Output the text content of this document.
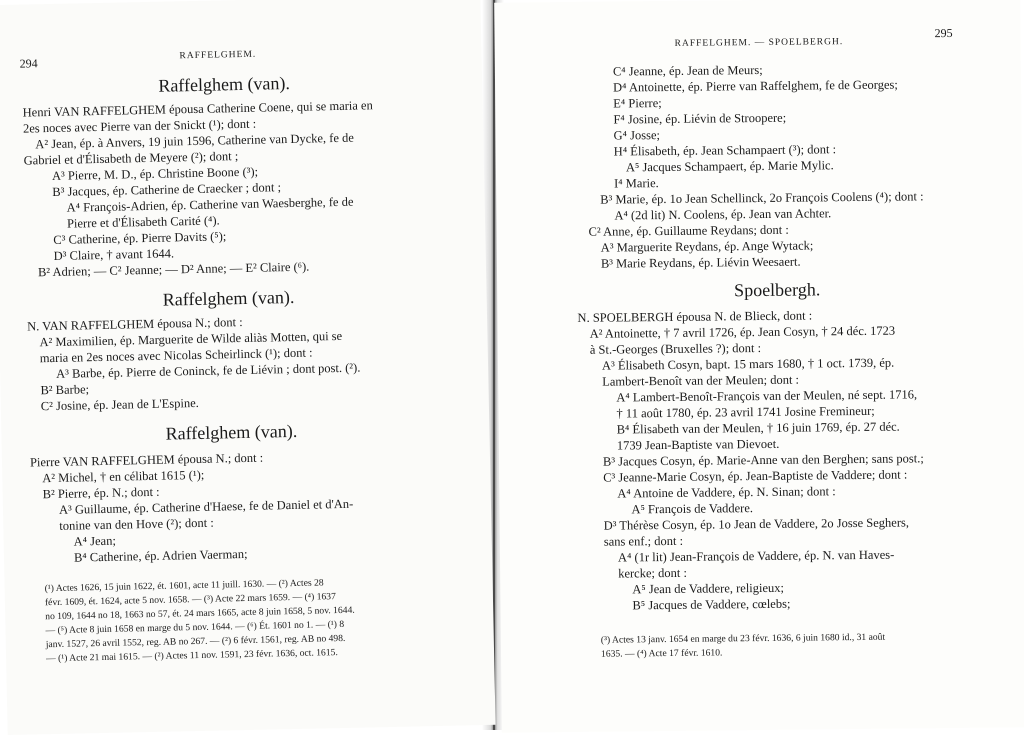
294
RAFFELGHEM.
Raffelghem (van).
Henri VAN RAFFELGHEM épousa Catherine Coene, qui se maria en
2es noces avec Pierre van der Snickt (¹); dont :
A² Jean, ép. à Anvers, 19 juin 1596, Catherine van Dycke, fe de
Gabriel et d'Élisabeth de Meyere (²); dont ;
A³ Pierre, M. D., ép. Christine Boone (³);
B³ Jacques, ép. Catherine de Craecker ; dont ;
A⁴ François-Adrien, ép. Catherine van Waesberghe, fe de
Pierre et d'Élisabeth Carité (⁴).
C³ Catherine, ép. Pierre Davits (⁵);
D³ Claire, † avant 1644.
B² Adrien; — C² Jeanne; — D² Anne; — E² Claire (⁶).
Raffelghem (van).
N. VAN RAFFELGHEM épousa N.; dont :
A² Maximilien, ép. Marguerite de Wilde aliàs Motten, qui se
maria en 2es noces avec Nicolas Scheirlinck (¹); dont :
A³ Barbe, ép. Pierre de Coninck, fe de Liévin ; dont post. (²).
B² Barbe;
C² Josine, ép. Jean de L'Espine.
Raffelghem (van).
Pierre VAN RAFFELGHEM épousa N.; dont :
A² Michel, † en célibat 1615 (¹);
B² Pierre, ép. N.; dont :
A³ Guillaume, ép. Catherine d'Haese, fe de Daniel et d'An-
tonine van den Hove (²); dont :
A⁴ Jean;
B⁴ Catherine, ép. Adrien Vaerman;
(¹) Actes 1626, 15 juin 1622, ét. 1601, acte 11 juill. 1630. — (²) Actes 28
févr. 1609, ét. 1624, acte 5 nov. 1658. — (³) Acte 22 mars 1659. — (⁴) 1637
no 109, 1644 no 18, 1663 no 57, ét. 24 mars 1665, acte 8 juin 1658, 5 nov. 1644.
— (⁵) Acte 8 juin 1658 en marge du 5 nov. 1644. — (⁶) Ét. 1601 no 1. — (¹) 8
janv. 1527, 26 avril 1552, reg. AB no 267. — (²) 6 févr. 1561, reg. AB no 498.
— (¹) Acte 21 mai 1615. — (²) Actes 11 nov. 1591, 23 févr. 1636, oct. 1615.
RAFFELGHEM. — SPOELBERGH.
295
C⁴ Jeanne, ép. Jean de Meurs;
D⁴ Antoinette, ép. Pierre van Raffelghem, fe de Georges;
E⁴ Pierre;
F⁴ Josine, ép. Liévin de Stroopere;
G⁴ Josse;
H⁴ Élisabeth, ép. Jean Schampaert (³); dont :
A⁵ Jacques Schampaert, ép. Marie Mylic.
I⁴ Marie.
B³ Marie, ép. 1o Jean Schellinck, 2o François Coolens (⁴); dont :
A⁴ (2d lit) N. Coolens, ép. Jean van Achter.
C² Anne, ép. Guillaume Reydans; dont :
A³ Marguerite Reydans, ép. Ange Wytack;
B³ Marie Reydans, ép. Liévin Weesaert.
Spoelbergh.
N. SPOELBERGH épousa N. de Blieck, dont :
A² Antoinette, † 7 avril 1726, ép. Jean Cosyn, † 24 déc. 1723
à St.-Georges (Bruxelles ?); dont :
A³ Élisabeth Cosyn, bapt. 15 mars 1680, † 1 oct. 1739, ép.
Lambert-Benoît van der Meulen; dont :
A⁴ Lambert-Benoît-François van der Meulen, né sept. 1716,
† 11 août 1780, ép. 23 avril 1741 Josine Fremineur;
B⁴ Élisabeth van der Meulen, † 16 juin 1769, ép. 27 déc.
1739 Jean-Baptiste van Dievoet.
B³ Jacques Cosyn, ép. Marie-Anne van den Berghen; sans post.;
C³ Jeanne-Marie Cosyn, ép. Jean-Baptiste de Vaddere; dont :
A⁴ Antoine de Vaddere, ép. N. Sinan; dont :
A⁵ François de Vaddere.
D³ Thérèse Cosyn, ép. 1o Jean de Vaddere, 2o Josse Seghers,
sans enf.; dont :
A⁴ (1r lit) Jean-François de Vaddere, ép. N. van Haves-
kercke; dont :
A⁵ Jean de Vaddere, religieux;
B⁵ Jacques de Vaddere, cœlebs;
(³) Actes 13 janv. 1654 en marge du 23 févr. 1636, 6 juin 1680 id., 31 août
1635. — (⁴) Acte 17 févr. 1610.
